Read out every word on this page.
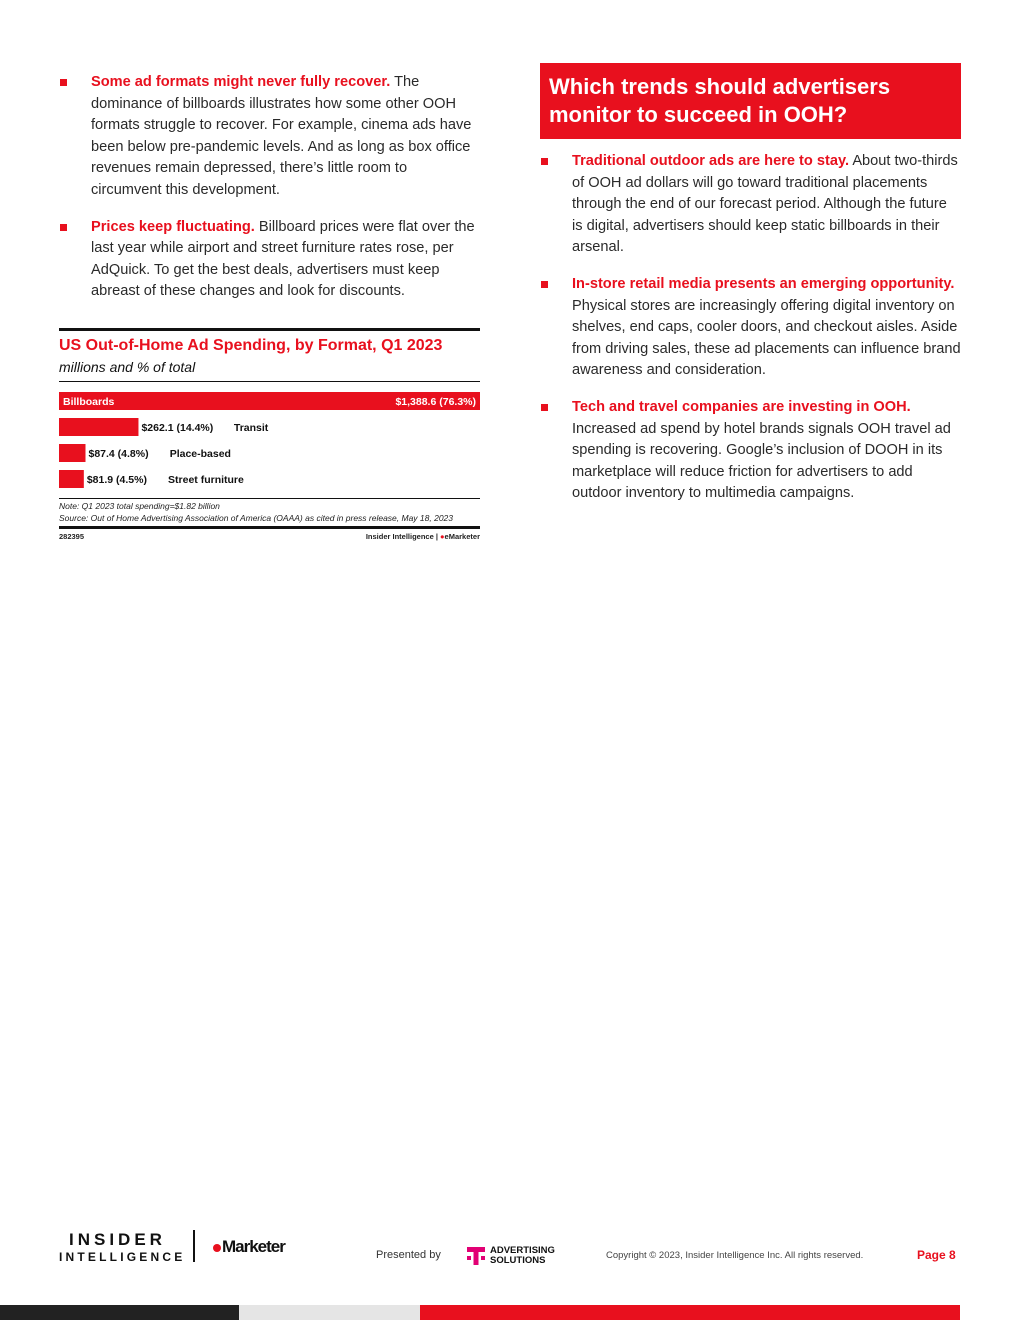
Some ad formats might never fully recover. The dominance of billboards illustrates how some other OOH formats struggle to recover. For example, cinema ads have been below pre-pandemic levels. And as long as box office revenues remain depressed, there’s little room to circumvent this development.
Prices keep fluctuating. Billboard prices were flat over the last year while airport and street furniture rates rose, per AdQuick. To get the best deals, advertisers must keep abreast of these changes and look for discounts.
US Out-of-Home Ad Spending, by Format, Q1 2023
millions and % of total
Billboards	$1,388.6 (76.3%)
$262.1 (14.4%) Transit
$87.4 (4.8%) Place-based
$81.9 (4.5%) Street furniture
Note: Q1 2023 total spending=$1.82 billion
Source: Out of Home Advertising Association of America (OAAA) as cited in press release, May 18, 2023
282395	Insider Intelligence | ●eMarketer
Which trends should advertisers monitor to succeed in OOH?
Traditional outdoor ads are here to stay. About two-thirds of OOH ad dollars will go toward traditional placements through the end of our forecast period. Although the future is digital, advertisers should keep static billboards in their arsenal.
In-store retail media presents an emerging opportunity. Physical stores are increasingly offering digital inventory on shelves, end caps, cooler doors, and checkout aisles. Aside from driving sales, these ad placements can influence brand awareness and consideration.
Tech and travel companies are investing in OOH. Increased ad spend by hotel brands signals OOH travel ad spending is recovering. Google’s inclusion of DOOH in its marketplace will reduce friction for advertisers to add outdoor inventory to multimedia campaigns.
INSIDER
INTELLIGENCE
Marketer	Presented by	ADVERTISING
SOLUTIONS	Copyright © 2023, Insider Intelligence Inc. All rights reserved.	Page 8
